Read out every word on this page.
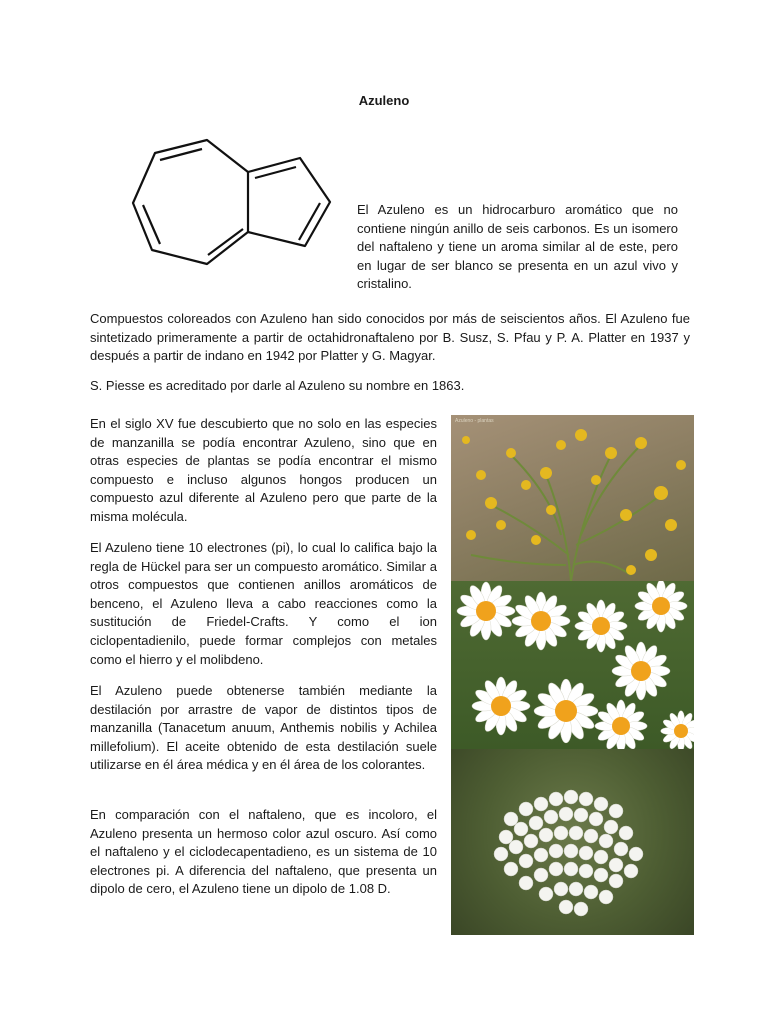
Azuleno

El Azuleno es un hidrocarburo aromático que no contiene ningún anillo de seis carbonos. Es un isomero del naftaleno y tiene un aroma similar al de este, pero en lugar de ser blanco se presenta en un azul vivo y cristalino.

Compuestos coloreados con Azuleno han sido conocidos por más de seiscientos años. El Azuleno fue sintetizado primeramente a partir de octahidronaftaleno por B. Susz, S. Pfau y P. A. Platter en 1937 y después a partir de indano en 1942 por Platter y G. Magyar.

S. Piesse es acreditado por darle al Azuleno su nombre en 1863.

En el siglo XV fue descubierto que no solo en las especies de manzanilla se podía encontrar Azuleno, sino que en otras especies de plantas se podía encontrar el mismo compuesto e incluso algunos hongos producen un compuesto azul diferente al Azuleno pero que parte de la misma molécula.

El Azuleno tiene 10 electrones (pi), lo cual lo califica bajo la regla de Hückel para ser un compuesto aromático. Similar a otros compuestos que contienen anillos aromáticos de benceno, el Azuleno lleva a cabo reacciones como la sustitución de Friedel-Crafts. Y como el ion ciclopentadienilo, puede formar complejos con metales como el hierro y el molibdeno.

El Azuleno puede obtenerse también mediante la destilación por arrastre de vapor de distintos tipos de manzanilla (Tanacetum anuum, Anthemis nobilis y Achilea millefolium). El aceite obtenido de esta destilación suele utilizarse en él área médica y en él área de los colorantes.

En comparación con el naftaleno, que es incoloro, el Azuleno presenta un hermoso color azul oscuro. Así como el naftaleno y el ciclodecapentadieno, es un sistema de 10 electrones pi. A diferencia del naftaleno, que presenta un dipolo de cero, el Azuleno tiene un dipolo de 1.08 D.

Azuleno - plantas
